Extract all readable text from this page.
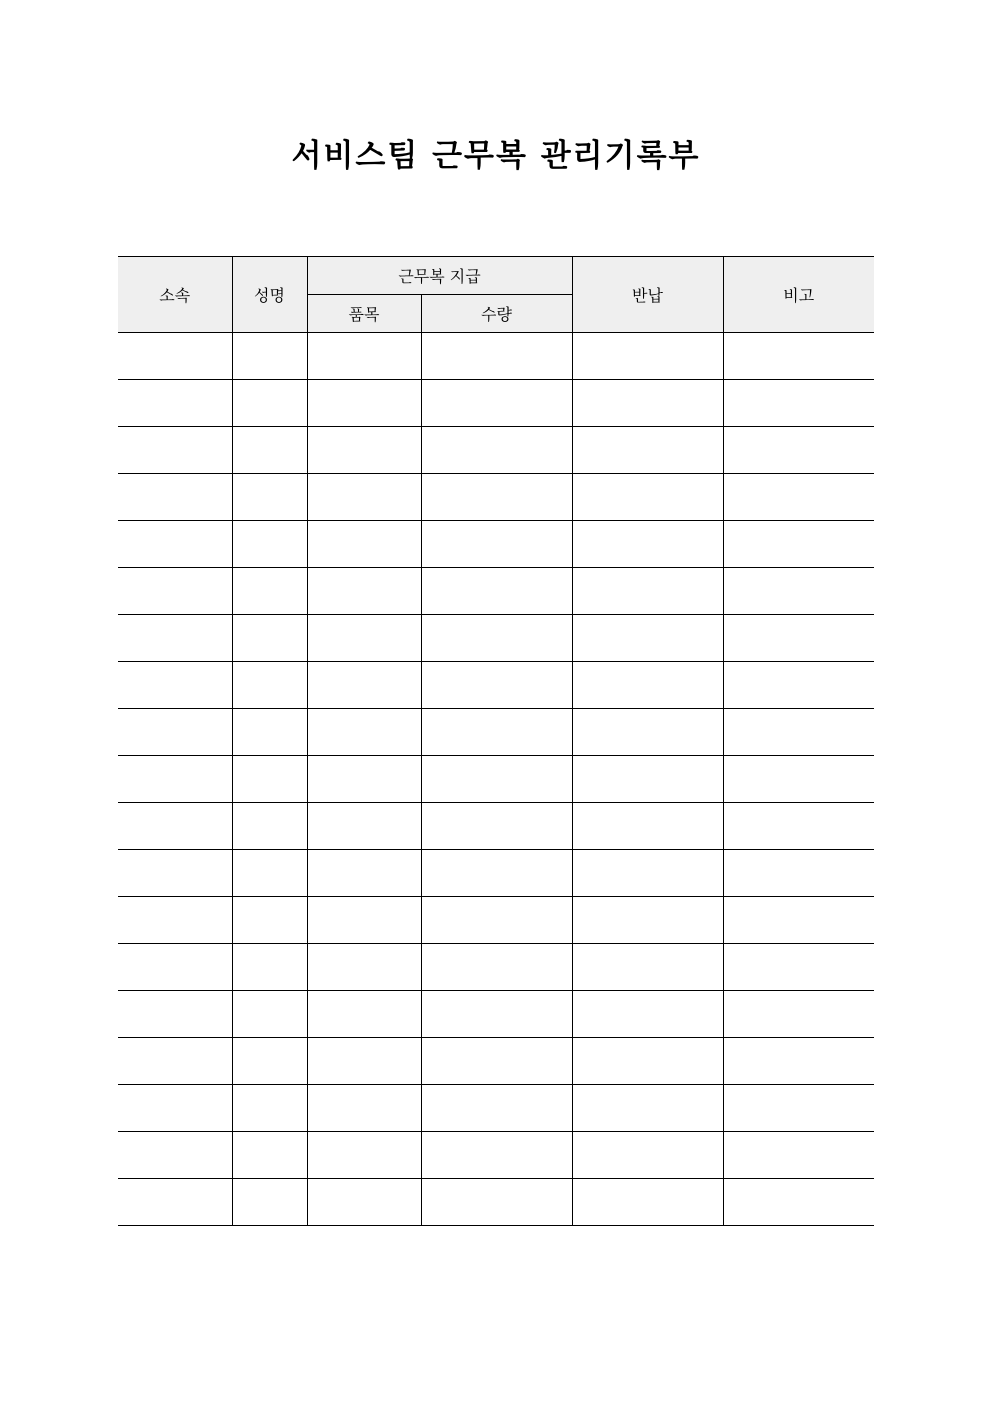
서비스팀 근무복 관리기록부
소속	성명	근무복 지급		반납	비고
		품목	수량		
